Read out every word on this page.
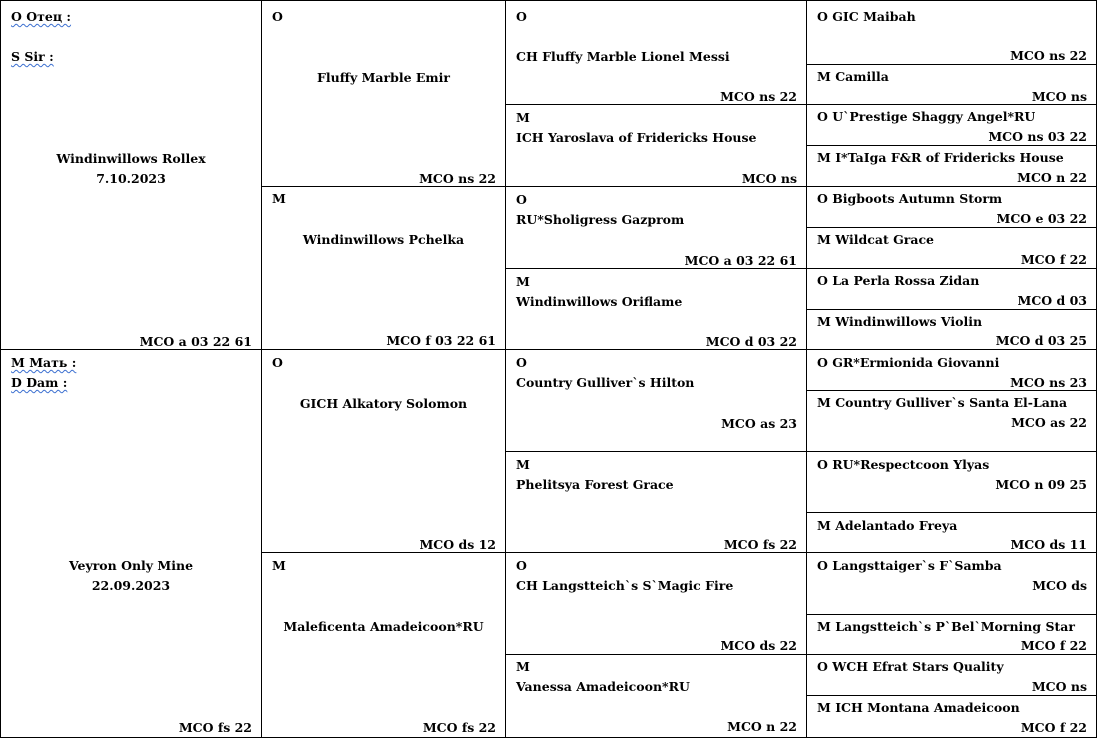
О Отец :
S Sir :
Windinwillows Rollex
7.10.2023
MCO a 03 22 61
М Мать :
D Dam :
Veyron Only Mine
22.09.2023
MCO fs 22
O
Fluffy Marble Emir
MCO ns 22
M
Windinwillows Pchelka
MCO f 03 22 61
O
GICH Alkatory Solomon
MCO ds 12
M
Maleficenta Amadeicoon*RU
MCO fs 22
O
CH Fluffy Marble Lionel Messi
MCO ns 22
M
ICH Yaroslava of Fridericks House
MCO ns
O
RU*Sholigress Gazprom
MCO a 03 22 61
M
Windinwillows Oriflame
MCO d 03 22
O
Country Gulliver`s Hilton
MCO as 23
M
Phelitsya Forest Grace
MCO fs 22
O
CH Langstteich`s S`Magic Fire
MCO ds 22
M
Vanessa Amadeicoon*RU
MCO n 22
O GIC Maibah
MCO ns 22
M Camilla
MCO ns
O U`Prestige Shaggy Angel*RU
MCO ns 03 22
M I*TaIga F&R of Fridericks House
MCO n 22
O Bigboots Autumn Storm
MCO e 03 22
M Wildcat Grace
MCO f 22
O La Perla Rossa Zidan
MCO d 03
M Windinwillows Violin
MCO d 03 25
O GR*Ermionida Giovanni
MCO ns 23
M Country Gulliver`s Santa El-Lana
MCO as 22
O RU*Respectcoon Ylyas
MCO n 09 25
M Adelantado Freya
MCO ds 11
O Langsttaiger`s F`Samba
MCO ds
M Langstteich`s P`Bel`Morning Star
MCO f 22
O WCH Efrat Stars Quality
MCO ns
M ICH Montana Amadeicoon
MCO f 22
